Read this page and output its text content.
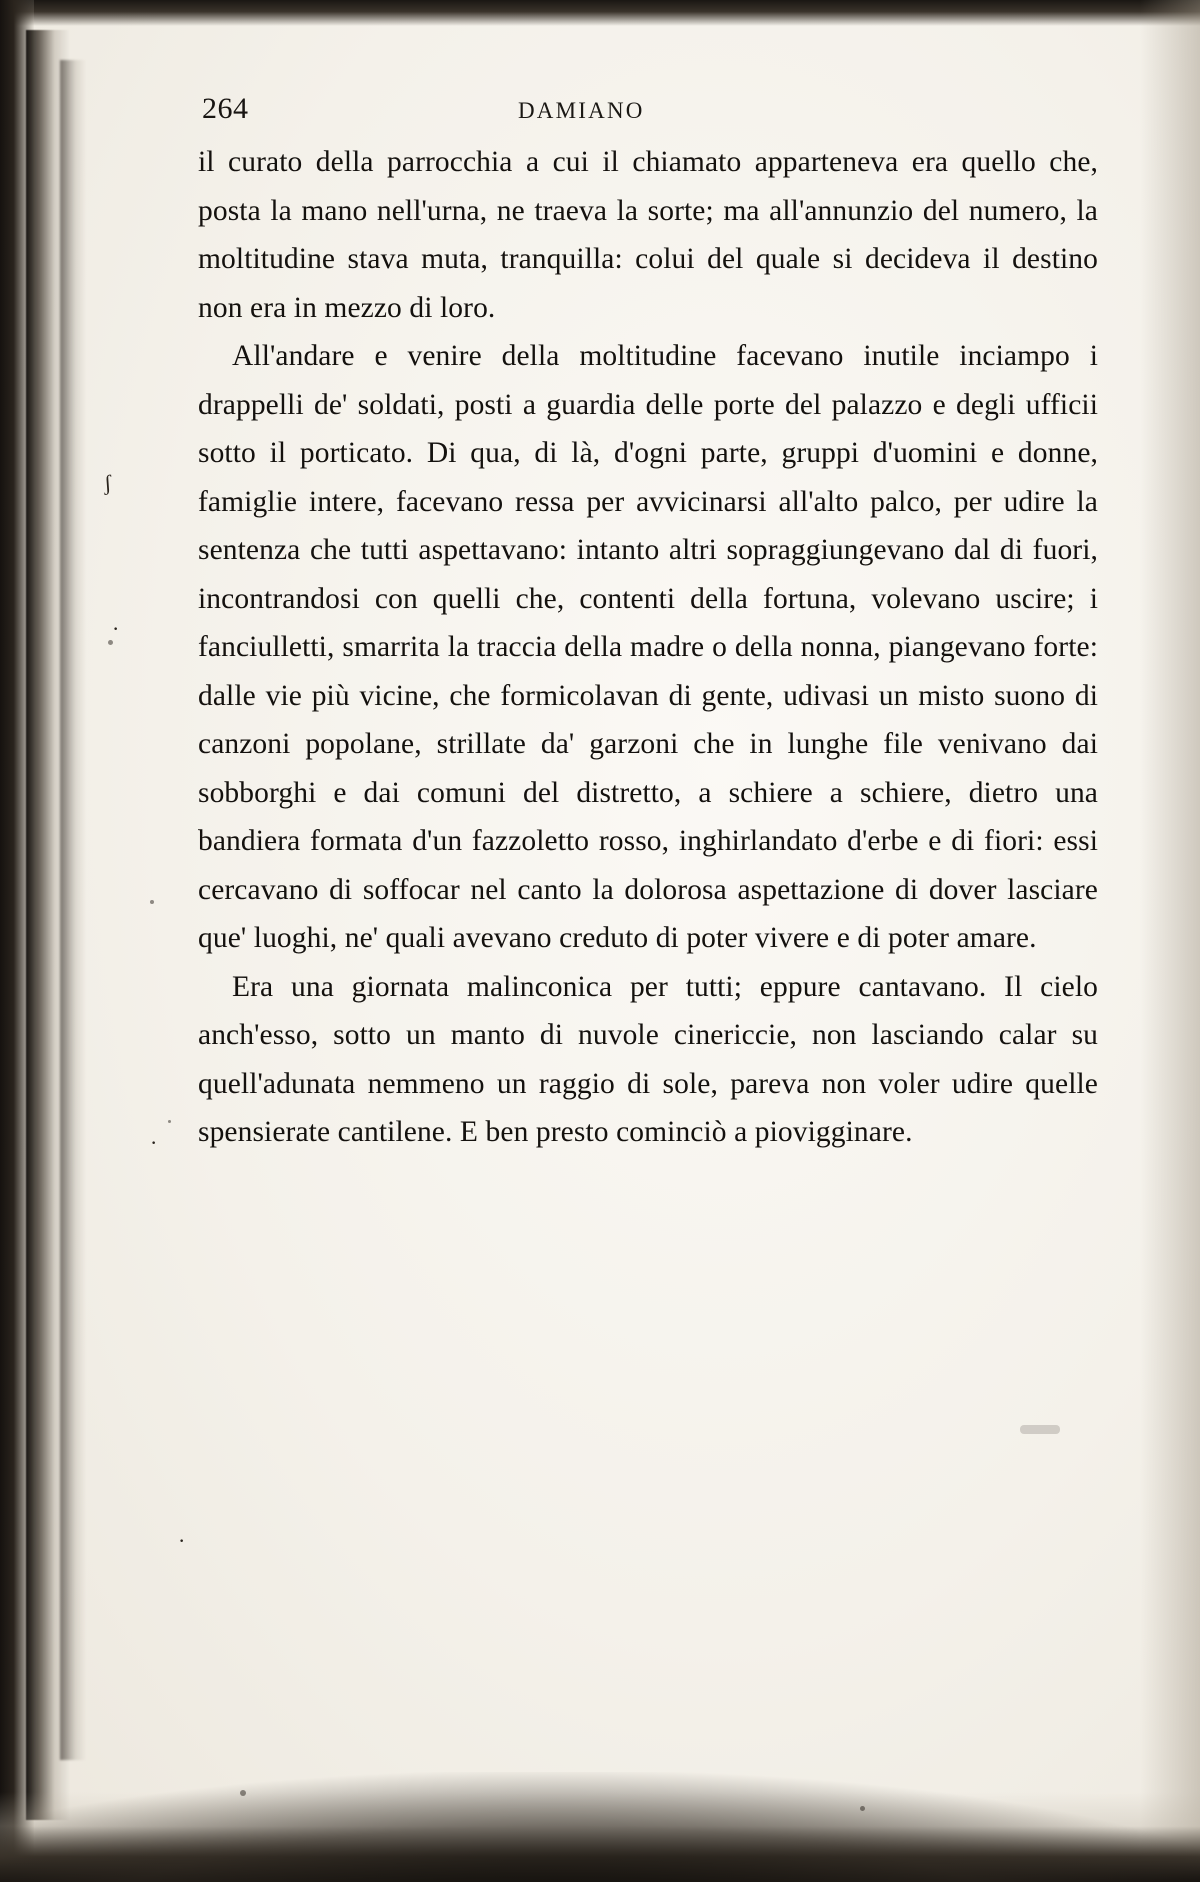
ʃ
·
·
·
264	DAMIANO

il curato della parrocchia a cui il chiamato apparteneva era quello che, posta la mano nell'urna, ne traeva la sorte; ma all'annunzio del numero, la moltitudine stava muta, tranquilla: colui del quale si decideva il destino non era in mezzo di loro.

All'andare e venire della moltitudine facevano inutile inciampo i drappelli de' soldati, posti a guardia delle porte del palazzo e degli ufficii sotto il porticato. Di qua, di là, d'ogni parte, gruppi d'uomini e donne, famiglie intere, facevano ressa per avvicinarsi all'alto palco, per udire la sentenza che tutti aspettavano: intanto altri sopraggiungevano dal di fuori, incontrandosi con quelli che, contenti della fortuna, volevano uscire; i fanciulletti, smarrita la traccia della madre o della nonna, piangevano forte: dalle vie più vicine, che formicolavan di gente, udivasi un misto suono di canzoni popolane, strillate da' garzoni che in lunghe file venivano dai sobborghi e dai comuni del distretto, a schiere a schiere, dietro una bandiera formata d'un fazzoletto rosso, inghirlandato d'erbe e di fiori: essi cercavano di soffocar nel canto la dolorosa aspettazione di dover lasciare que' luoghi, ne' quali avevano creduto di poter vivere e di poter amare.

Era una giornata malinconica per tutti; eppure cantavano. Il cielo anch'esso, sotto un manto di nuvole cinericcie, non lasciando calar su quell'adunata nemmeno un raggio di sole, pareva non voler udire quelle spensierate cantilene. E ben presto cominciò a piovigginare.
